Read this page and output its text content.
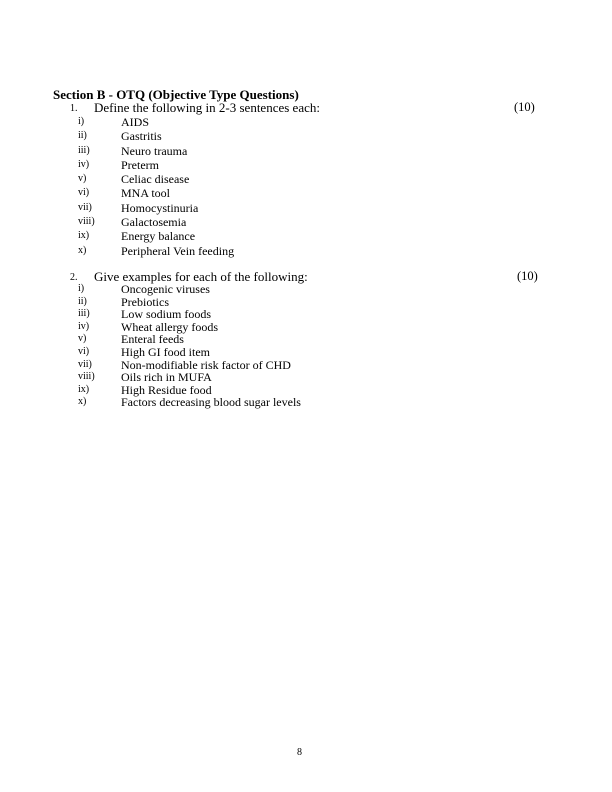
Section B - OTQ (Objective Type Questions)
1. Define the following in 2-3 sentences each:	(10)
i)	AIDS
ii)	Gastritis
iii)	Neuro trauma
iv)	Preterm
v)	Celiac disease
vi)	MNA tool
vii) Homocystinuria
viii) Galactosemia
ix)	Energy balance
x)	Peripheral Vein feeding
2. Give examples for each of the following:	(10)
i)	Oncogenic viruses
ii)	Prebiotics
iii)	Low sodium foods
iv)	Wheat allergy foods
v)	Enteral feeds
vi)	High GI food item
vii) Non-modifiable risk factor of CHD
viii) Oils rich in MUFA
ix)	High Residue food
x)	Factors decreasing blood sugar levels
8
